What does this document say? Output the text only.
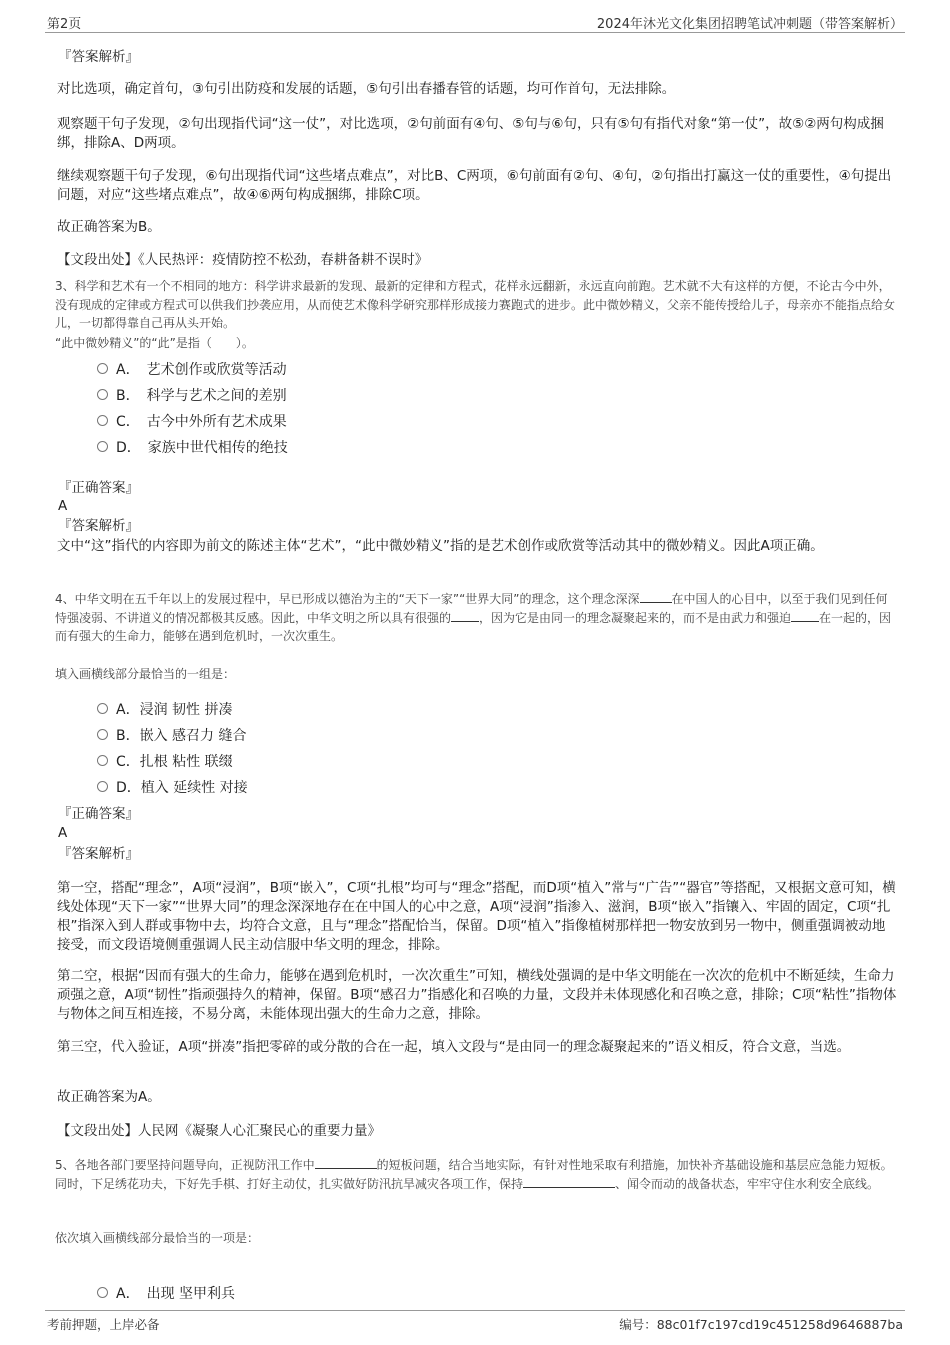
第2页	2024年沐光文化集团招聘笔试冲刺题（带答案解析）

『答案解析』

对比选项，确定首句，③句引出防疫和发展的话题，⑤句引出春播春管的话题，均可作首句，无法排除。

观察题干句子发现，②句出现指代词“这一仗”，对比选项，②句前面有④句、⑤句与⑥句，只有⑤句有指代对象“第一仗”，故⑤②两句构成捆绑，排除A、D两项。

继续观察题干句子发现，⑥句出现指代词“这些堵点难点”，对比B、C两项，⑥句前面有②句、④句，②句指出打赢这一仗的重要性，④句提出问题，对应“这些堵点难点”，故④⑥两句构成捆绑，排除C项。

故正确答案为B。

【文段出处】《人民热评：疫情防控不松劲，春耕备耕不误时》

3、科学和艺术有一个不相同的地方：科学讲求最新的发现、最新的定律和方程式，花样永远翻新，永远直向前跑。艺术就不大有这样的方便，不论古今中外，没有现成的定律或方程式可以供我们抄袭应用，从而使艺术像科学研究那样形成接力赛跑式的进步。此中微妙精义，父亲不能传授给儿子，母亲亦不能指点给女儿，一切都得靠自己再从头开始。

“此中微妙精义”的“此”是指（　　）。

A．　艺术创作或欣赏等活动
B．　科学与艺术之间的差别
C．　古今中外所有艺术成果
D．　家族中世代相传的绝技

『正确答案』

A

『答案解析』

文中“这”指代的内容即为前文的陈述主体“艺术”，“此中微妙精义”指的是艺术创作或欣赏等活动其中的微妙精义。因此A项正确。

4、中华文明在五千年以上的发展过程中，早已形成以德治为主的“天下一家”“世界大同”的理念，这个理念深深	在中国人的心目中，以至于我们见到任何恃强凌弱、不讲道义的情况都极其反感。因此，中华文明之所以具有很强的 ，因为它是由同一的理念凝聚起来的，而不是由武力和强迫 在一起的，因而有强大的生命力，能够在遇到危机时，一次次重生。

填入画横线部分最恰当的一组是：

A．浸润 韧性 拼凑
B．嵌入 感召力 缝合
C．扎根 粘性 联缀
D．植入 延续性 对接

『正确答案』

A

『答案解析』

第一空，搭配“理念”，A项“浸润”，B项“嵌入”，C项“扎根”均可与“理念”搭配，而D项“植入”常与“广告”“器官”等搭配，又根据文意可知，横线处体现“天下一家”“世界大同”的理念深深地存在在中国人的心中之意，A项“浸润”指渗入、滋润，B项“嵌入”指镶入、牢固的固定，C项“扎根”指深入到人群或事物中去，均符合文意，且与“理念”搭配恰当，保留。D项“植入”指像植树那样把一物安放到另一物中，侧重强调被动地接受，而文段语境侧重强调人民主动信服中华文明的理念，排除。

第二空，根据“因而有强大的生命力，能够在遇到危机时，一次次重生”可知，横线处强调的是中华文明能在一次次的危机中不断延续，生命力顽强之意，A项“韧性”指顽强持久的精神，保留。B项“感召力”指感化和召唤的力量，文段并未体现感化和召唤之意，排除；C项“粘性”指物体与物体之间互相连接，不易分离，未能体现出强大的生命力之意，排除。

第三空，代入验证，A项“拼凑”指把零碎的或分散的合在一起，填入文段与“是由同一的理念凝聚起来的”语义相反，符合文意，当选。

故正确答案为A。

【文段出处】人民网《凝聚人心汇聚民心的重要力量》

5、各地各部门要坚持问题导向，正视防汛工作中	的短板问题，结合当地实际，有针对性地采取有利措施，加快补齐基础设施和基层应急能力短板。同时，下足绣花功夫，下好先手棋、打好主动仗，扎实做好防汛抗旱减灾各项工作，保持	、闻令而动的战备状态，牢牢守住水利安全底线。

依次填入画横线部分最恰当的一项是：

A．　出现 坚甲利兵
考前押题，上岸必备	编号：88c01f7c197cd19c451258d9646887ba
